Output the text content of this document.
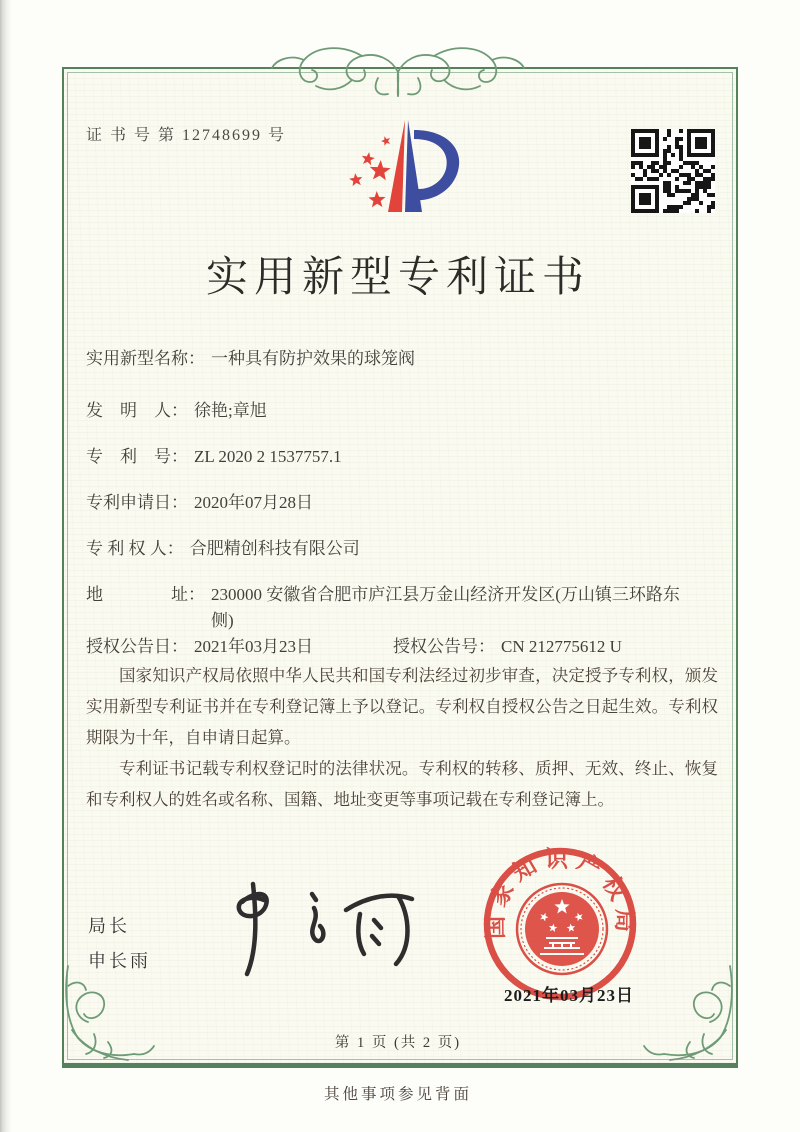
证 书 号 第 12748699 号
实用新型专利证书
实用新型名称： 一种具有防护效果的球笼阀
发　明　人： 徐艳;章旭
专　利　号： ZL 2020 2 1537757.1
专利申请日： 2020年07月28日
专 利 权 人： 合肥精创科技有限公司
地　　　　址： 230000 安徽省合肥市庐江县万金山经济开发区(万山镇三环路东侧)
授权公告日： 2021年03月23日	授权公告号： CN 212775612 U

国家知识产权局依照中华人民共和国专利法经过初步审查，决定授予专利权，颁发实用新型专利证书并在专利登记簿上予以登记。专利权自授权公告之日起生效。专利权期限为十年，自申请日起算。

专利证书记载专利权登记时的法律状况。专利权的转移、质押、无效、终止、恢复和专利权人的姓名或名称、国籍、地址变更等事项记载在专利登记簿上。

局长
申长雨
国家知识产权局
2021年03月23日
第 1 页 (共 2 页)
其他事项参见背面
